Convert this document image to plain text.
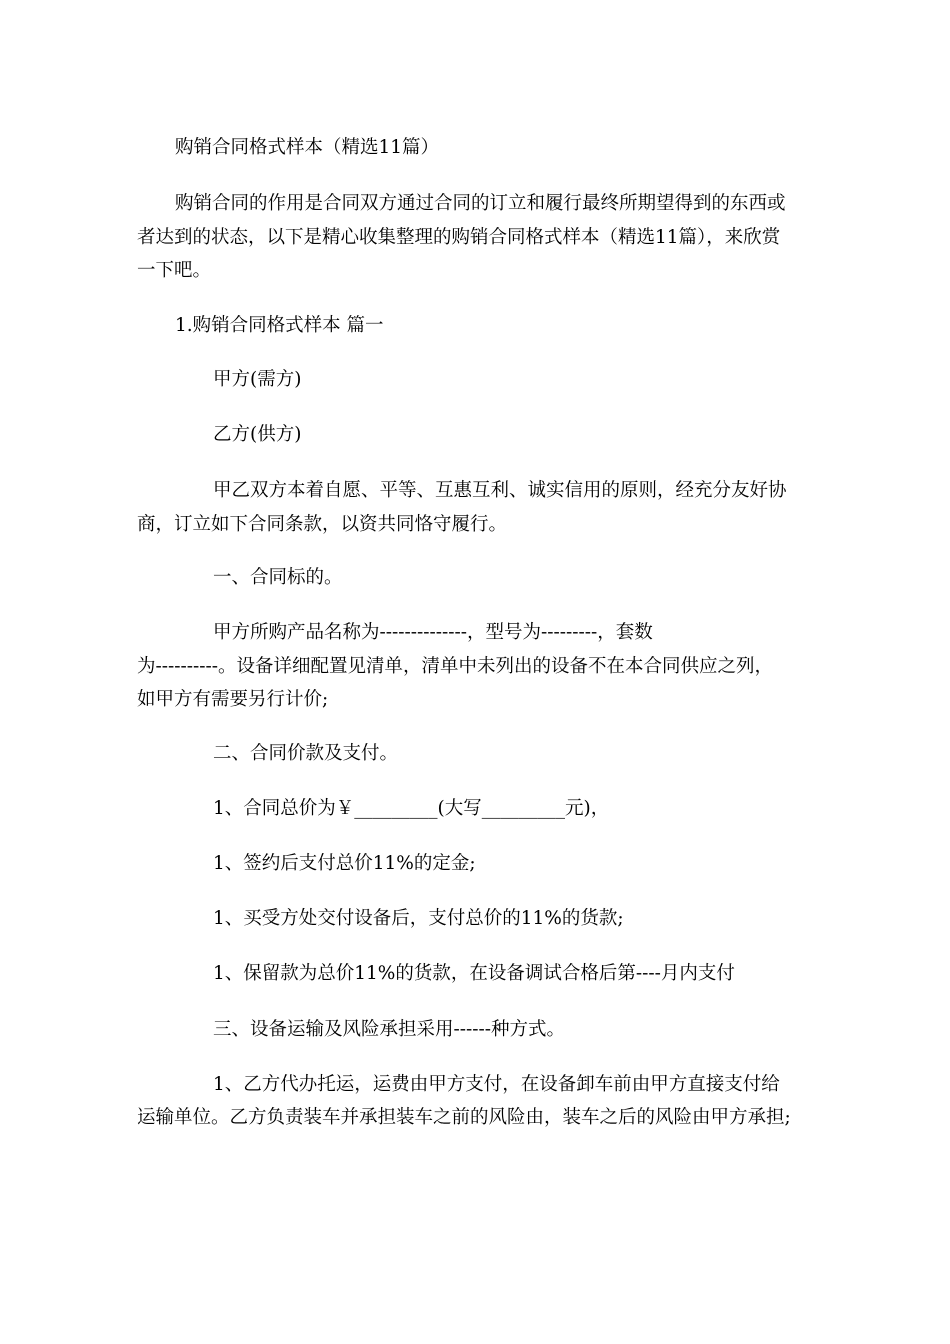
购销合同格式样本（精选11篇）
购销合同的作用是合同双方通过合同的订立和履行最终所期望得到的东西或
者达到的状态，以下是精心收集整理的购销合同格式样本（精选11篇），来欣赏
一下吧。
1.购销合同格式样本 篇一
甲方(需方)
乙方(供方)
甲乙双方本着自愿、平等、互惠互利、诚实信用的原则，经充分友好协
商，订立如下合同条款，以资共同恪守履行。
一、合同标的。
甲方所购产品名称为--------------，型号为---------，套数
为----------。设备详细配置见清单，清单中未列出的设备不在本合同供应之列，
如甲方有需要另行计价;
二、合同价款及支付。
1、合同总价为￥_________(大写_________元)，
1、签约后支付总价11%的定金;
1、买受方处交付设备后，支付总价的11%的货款;
1、保留款为总价11%的货款，在设备调试合格后第----月内支付
三、设备运输及风险承担采用------种方式。
1、乙方代办托运，运费由甲方支付，在设备卸车前由甲方直接支付给
运输单位。乙方负责装车并承担装车之前的风险由，装车之后的风险由甲方承担;
